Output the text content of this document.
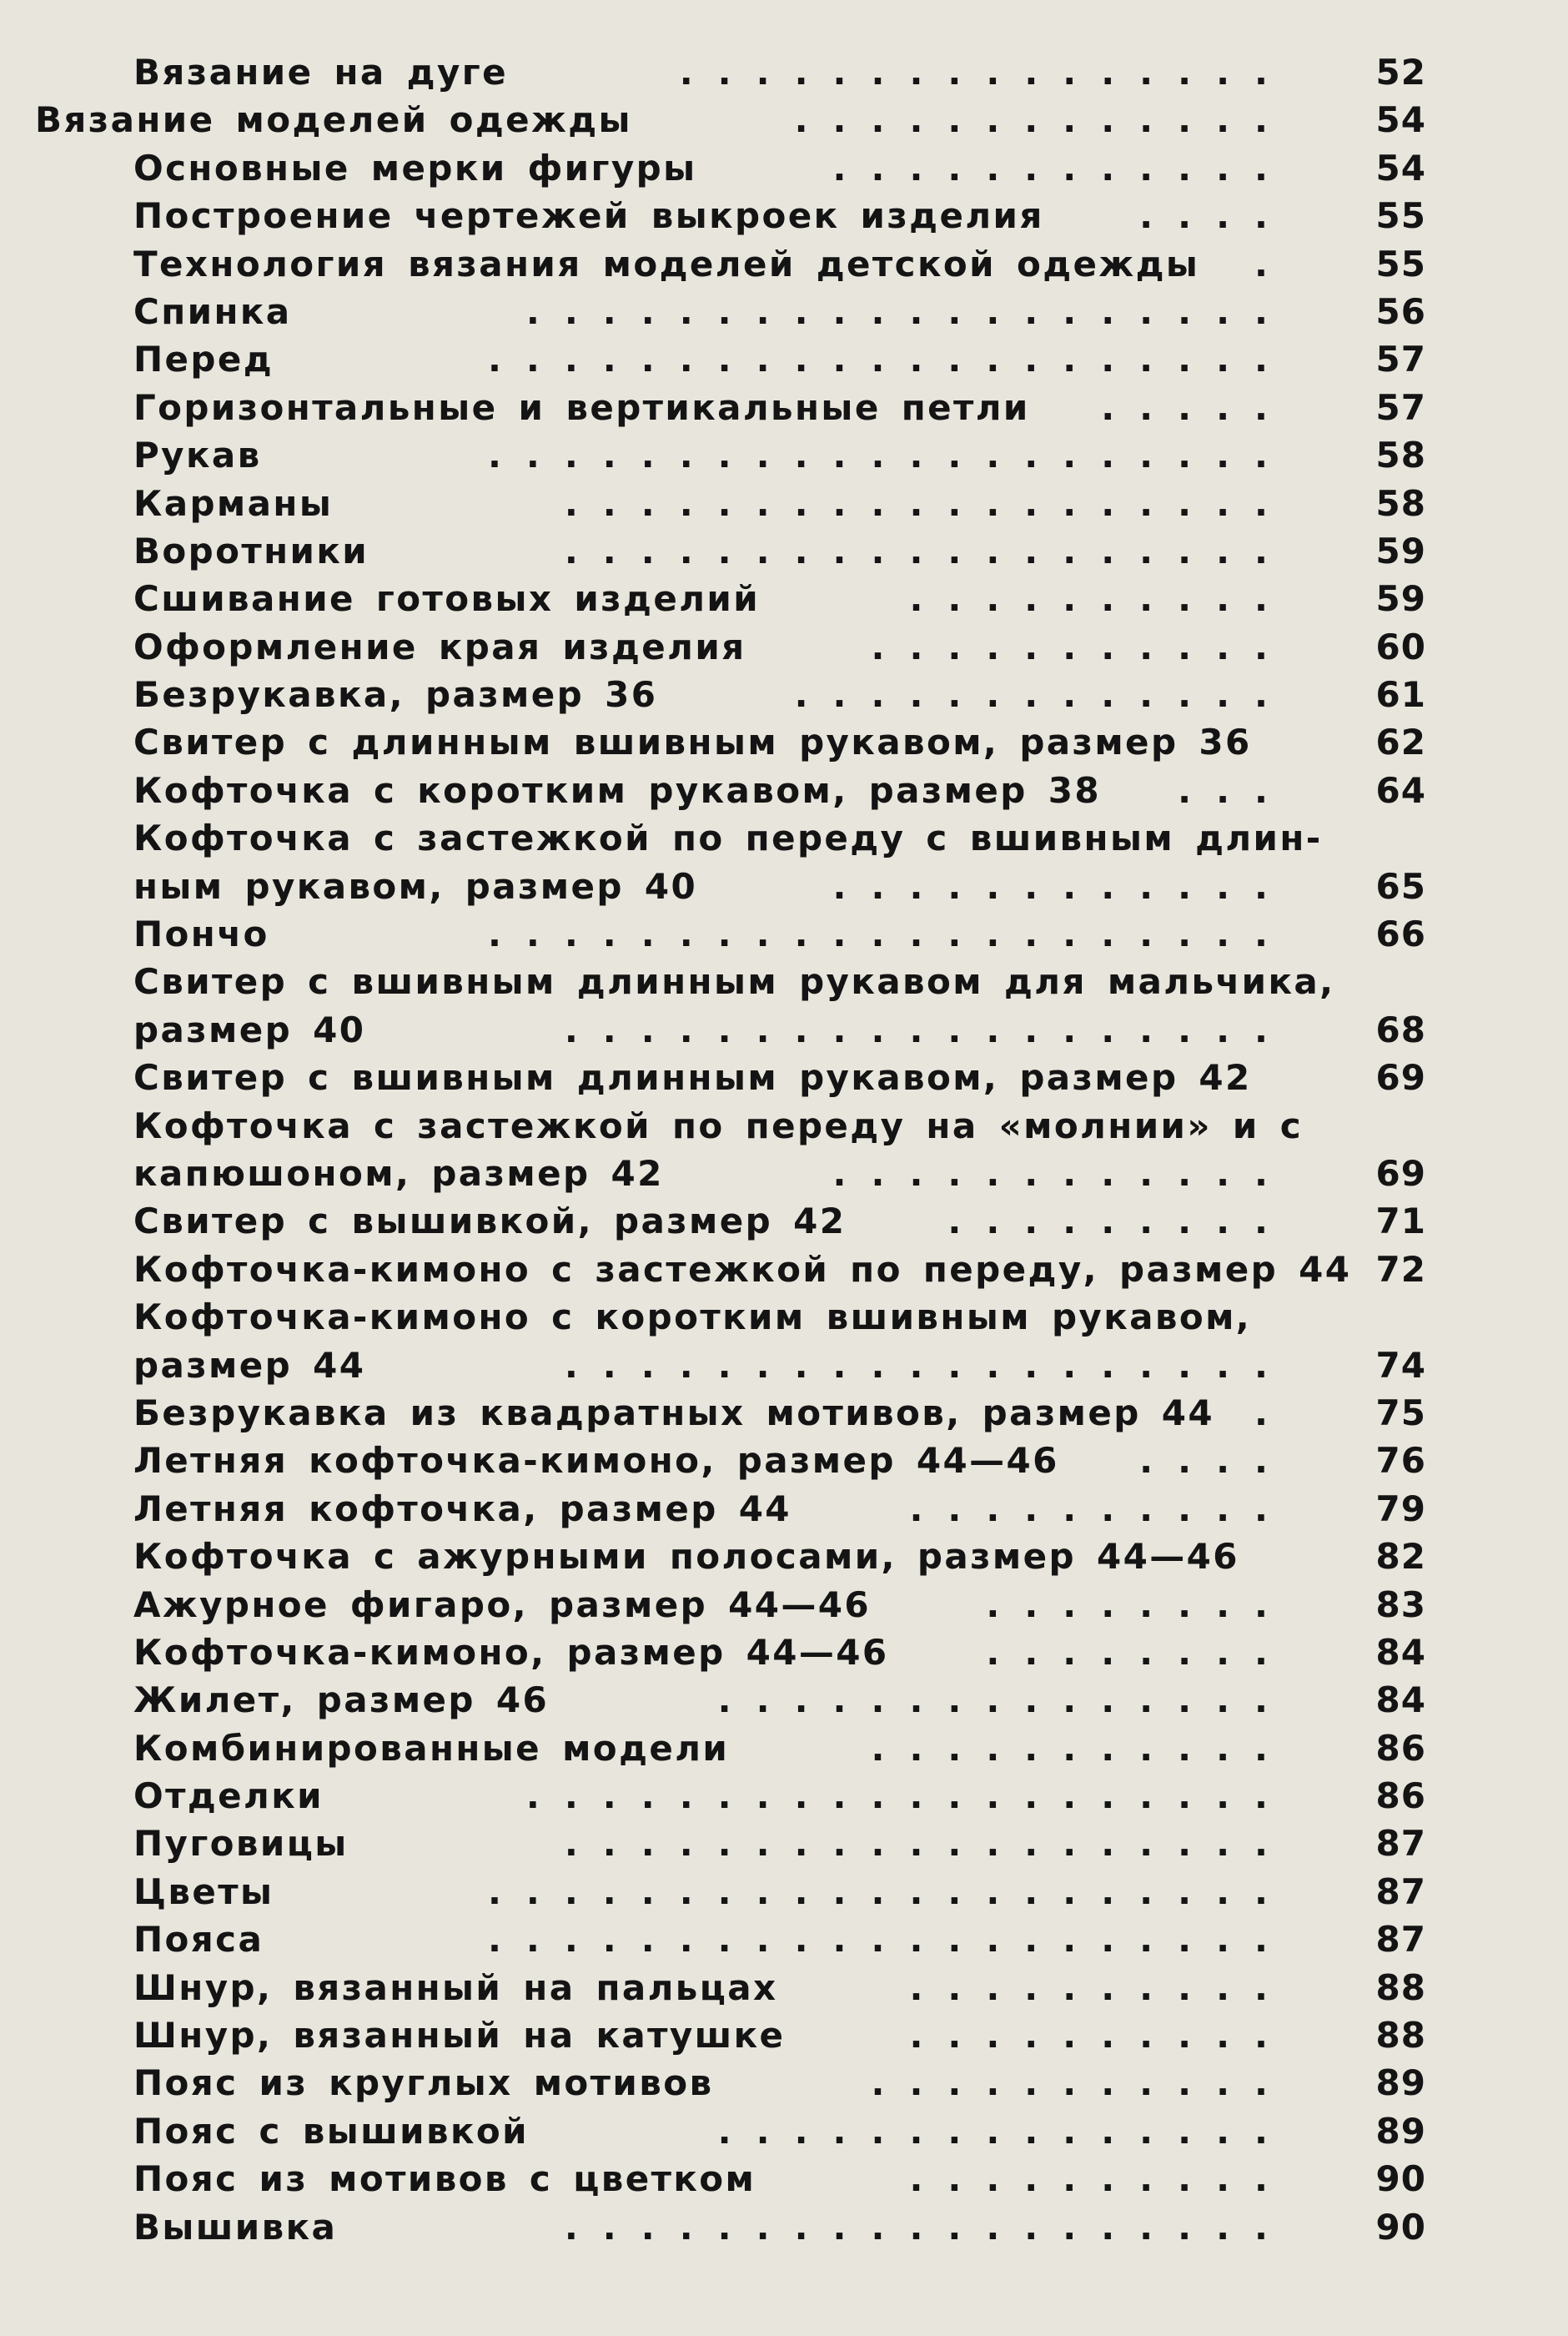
Вязание на дуге	................ 52
Вязание моделей одежды	............. 54
Основные мерки фигуры	............ 54
Построение чертежей выкроек изделия	.... 55
Технология вязания моделей детской одежды	. 55
Спинка	.................... 56
Перед	..................... 57
Горизонтальные и вертикальные петли	..... 57
Рукав	..................... 58
Карманы	................... 58
Воротники	................... 59
Сшивание готовых изделий	.......... 59
Оформление края изделия	........... 60
Безрукавка, размер 36	............. 61
Свитер с длинным вшивным рукавом, размер 36	62
Кофточка с коротким рукавом, размер 38	... 64
Кофточка с застежкой по переду с вшивным длин-
ным рукавом, размер 40	............ 65
Пончо	..................... 66
Свитер с вшивным длинным рукавом для мальчика,
размер 40	................... 68
Свитер с вшивным длинным рукавом, размер 42	69
Кофточка с застежкой по переду на «молнии» и с
капюшоном, размер 42	............ 69
Свитер с вышивкой, размер 42	......... 71
Кофточка-кимоно с застежкой по переду, размер 44 72
Кофточка-кимоно с коротким вшивным рукавом,
размер 44	................... 74
Безрукавка из квадратных мотивов, размер 44	. 75
Летняя кофточка-кимоно, размер 44—46	.... 76
Летняя кофточка, размер 44	.......... 79
Кофточка с ажурными полосами, размер 44—46	82
Ажурное фигаро, размер 44—46	........ 83
Кофточка-кимоно, размер 44—46	........ 84
Жилет, размер 46	............... 84
Комбинированные модели	........... 86
Отделки	.................... 86
Пуговицы	................... 87
Цветы	..................... 87
Пояса	..................... 87
Шнур, вязанный на пальцах	.......... 88
Шнур, вязанный на катушке	.......... 88
Пояс из круглых мотивов	........... 89
Пояс с вышивкой	............... 89
Пояс из мотивов с цветком	.......... 90
Вышивка	................... 90
